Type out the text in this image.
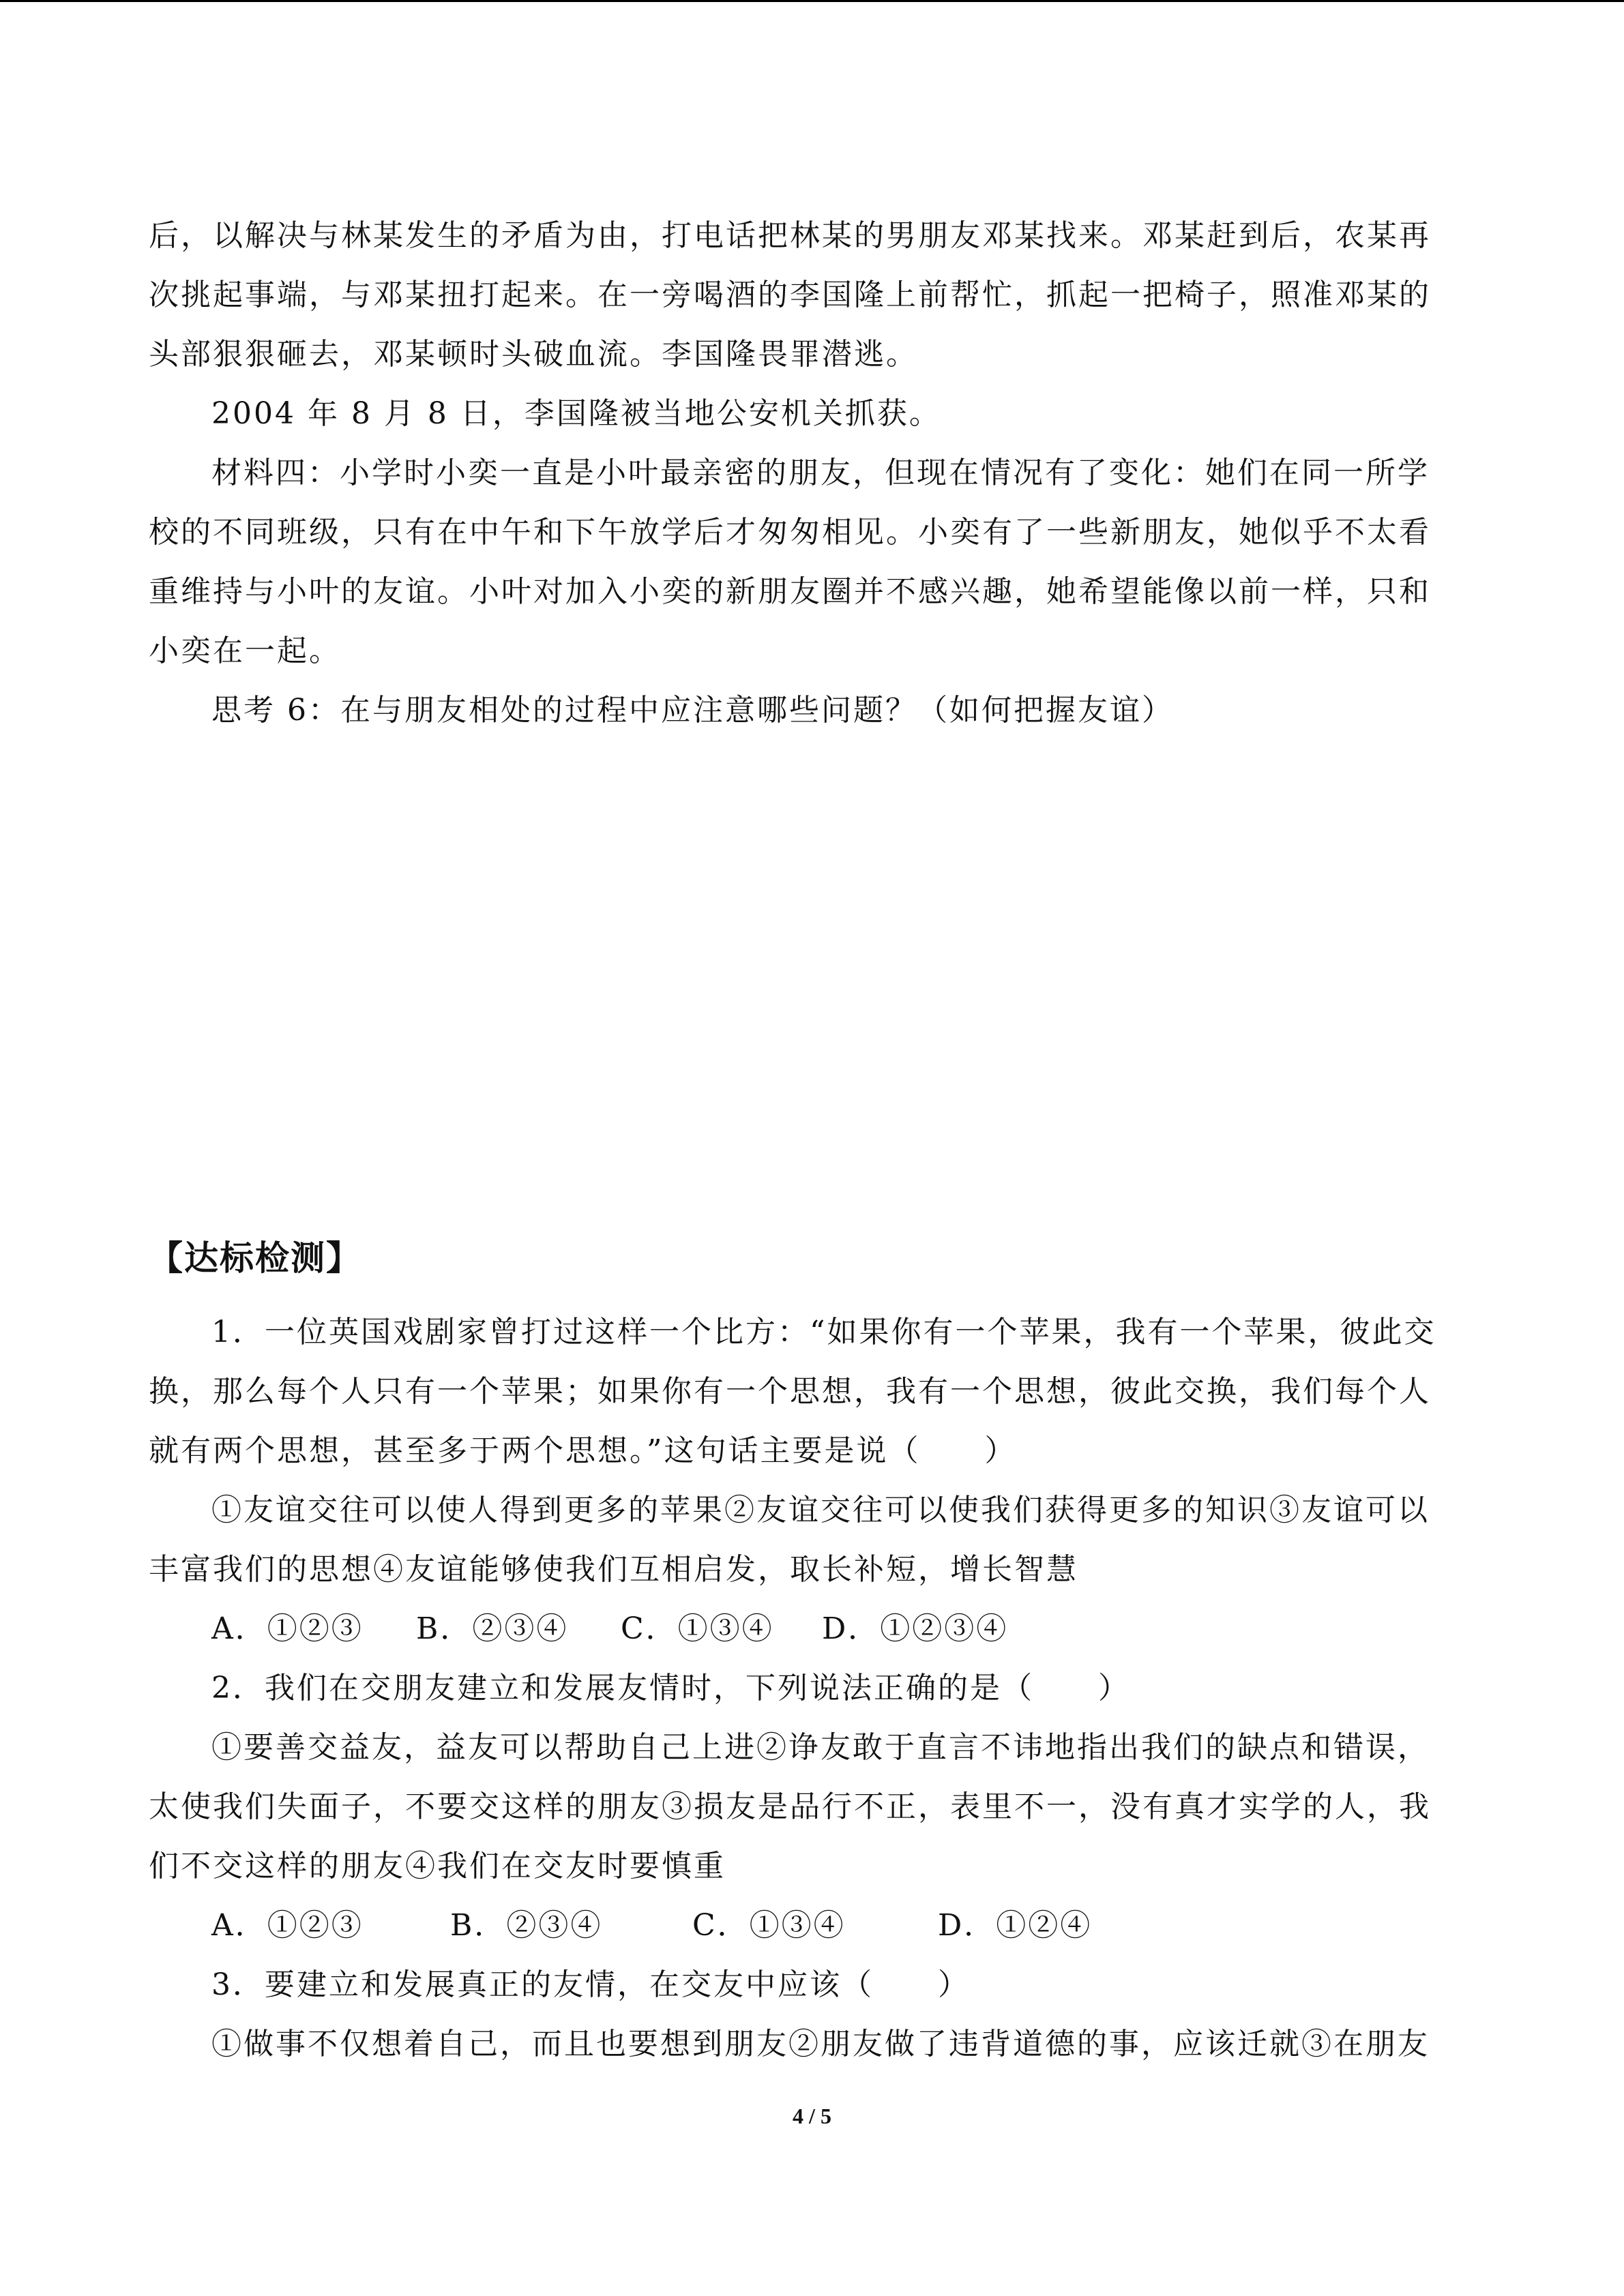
后，以解决与林某发生的矛盾为由，打电话把林某的男朋友邓某找来。邓某赶到后，农某再
次挑起事端，与邓某扭打起来。在一旁喝酒的李国隆上前帮忙，抓起一把椅子，照准邓某的
头部狠狠砸去，邓某顿时头破血流。李国隆畏罪潜逃。
2004 年 8 月 8 日，李国隆被当地公安机关抓获。
材料四：小学时小奕一直是小叶最亲密的朋友，但现在情况有了变化：她们在同一所学
校的不同班级，只有在中午和下午放学后才匆匆相见。小奕有了一些新朋友，她似乎不太看
重维持与小叶的友谊。小叶对加入小奕的新朋友圈并不感兴趣，她希望能像以前一样，只和
小奕在一起。
思考 6：在与朋友相处的过程中应注意哪些问题？（如何把握友谊）
【达标检测】
1．一位英国戏剧家曾打过这样一个比方：“如果你有一个苹果，我有一个苹果，彼此交
换，那么每个人只有一个苹果；如果你有一个思想，我有一个思想，彼此交换，我们每个人
就有两个思想，甚至多于两个思想。”这句话主要是说（　　）
①友谊交往可以使人得到更多的苹果②友谊交往可以使我们获得更多的知识③友谊可以
丰富我们的思想④友谊能够使我们互相启发，取长补短，增长智慧
A．①②③ B．②③④ C．①③④ D．①②③④
2．我们在交朋友建立和发展友情时，下列说法正确的是（　　）
①要善交益友，益友可以帮助自己上进②诤友敢于直言不讳地指出我们的缺点和错误，
太使我们失面子，不要交这样的朋友③损友是品行不正，表里不一，没有真才实学的人，我
们不交这样的朋友④我们在交友时要慎重
A．①②③	B．②③④	C．①③④	D．①②④
3．要建立和发展真正的友情，在交友中应该（　　）
①做事不仅想着自己，而且也要想到朋友②朋友做了违背道德的事，应该迁就③在朋友
4 / 5
